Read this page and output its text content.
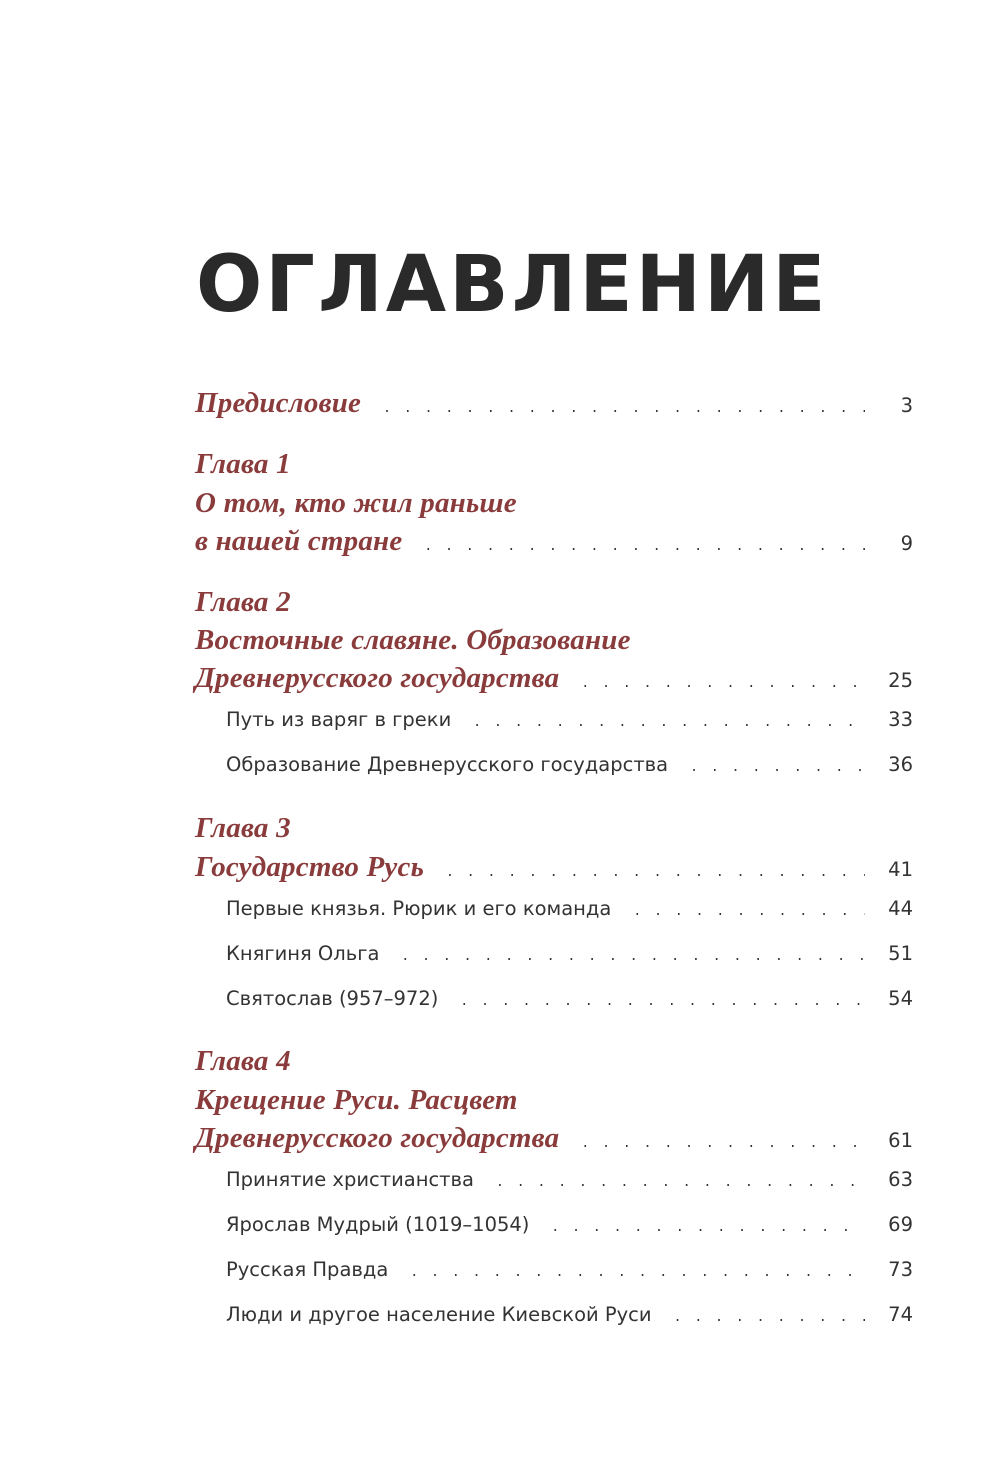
ОГЛАВЛЕНИЕ
Предисловие . . .	3
Глава 1
О том, кто жил раньше
в нашей стране . . .	9
Глава 2
Восточные славяне. Образование
Древнерусского государства . . .	25
Путь из варяг в греки . . .	33
Образование Древнерусского государства . . .	36
Глава 3
Государство Русь . . .	41
Первые князья. Рюрик и его команда . . .	44
Княгиня Ольга . . .	51
Святослав (957–972) . . .	54
Глава 4
Крещение Руси. Расцвет
Древнерусского государства . . .	61
Принятие христианства . . .	63
Ярослав Мудрый (1019–1054) . . .	69
Русская Правда . . .	73
Люди и другое население Киевской Руси . . .	74
